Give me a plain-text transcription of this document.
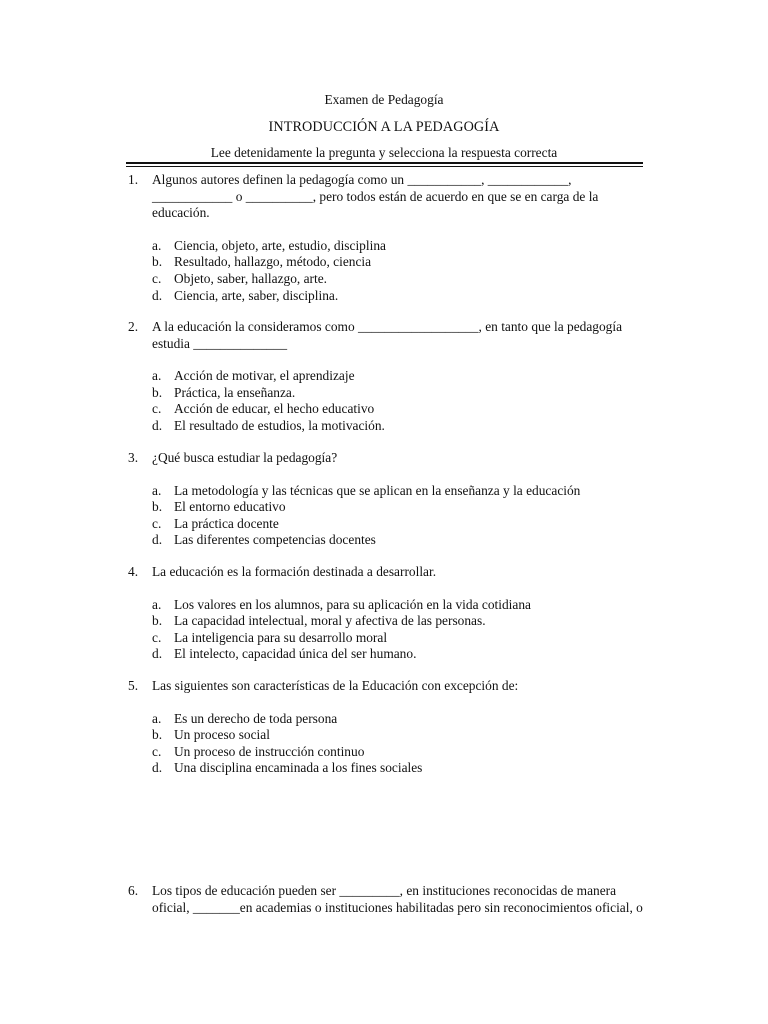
Examen de Pedagogía
INTRODUCCIÓN A LA PEDAGOGÍA
Lee detenidamente la pregunta y selecciona la respuesta correcta
1. Algunos autores definen la pedagogía como un ___________, ____________,
____________ o __________, pero todos están de acuerdo en que se en carga de la
educación.
a. Ciencia, objeto, arte, estudio, disciplina
b. Resultado, hallazgo, método, ciencia
c. Objeto, saber, hallazgo, arte.
d. Ciencia, arte, saber, disciplina.
2. A la educación la consideramos como __________________, en tanto que la pedagogía
estudia ______________
a. Acción de motivar, el aprendizaje
b. Práctica, la enseñanza.
c. Acción de educar, el hecho educativo
d. El resultado de estudios, la motivación.
3. ¿Qué busca estudiar la pedagogía?
a. La metodología y las técnicas que se aplican en la enseñanza y la educación
b. El entorno educativo
c. La práctica docente
d. Las diferentes competencias docentes
4. La educación es la formación destinada a desarrollar.
a. Los valores en los alumnos, para su aplicación en la vida cotidiana
b. La capacidad intelectual, moral y afectiva de las personas.
c. La inteligencia para su desarrollo moral
d. El intelecto, capacidad única del ser humano.
5. Las siguientes son características de la Educación con excepción de:
a. Es un derecho de toda persona
b. Un proceso social
c. Un proceso de instrucción continuo
d. Una disciplina encaminada a los fines sociales
6. Los tipos de educación pueden ser _________, en instituciones reconocidas de manera
oficial, _______en academias o instituciones habilitadas pero sin reconocimientos oficial, o
